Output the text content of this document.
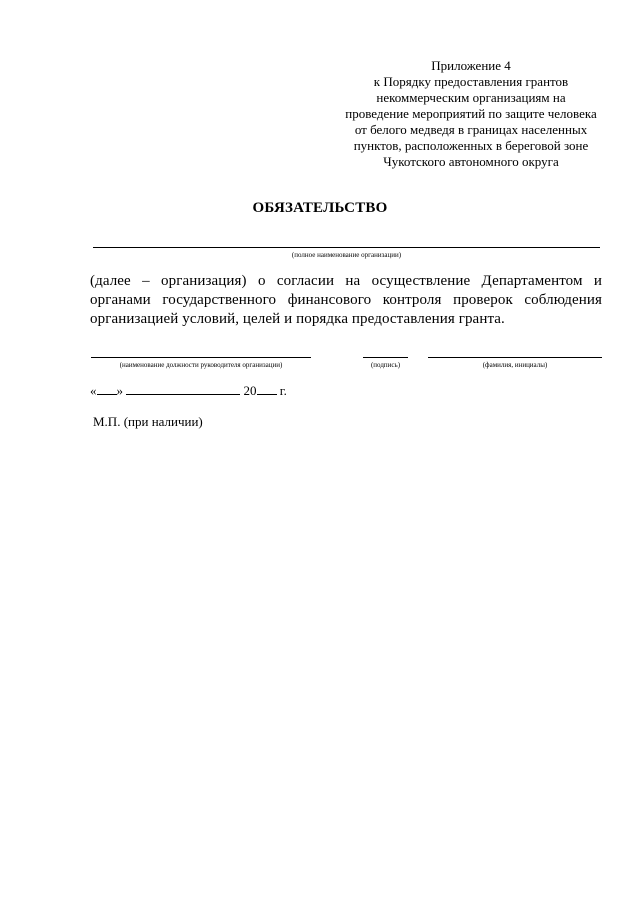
Приложение 4
к Порядку предоставления грантов
некоммерческим организациям на
проведение мероприятий по защите человека
от белого медведя в границах населенных
пунктов, расположенных в береговой зоне
Чукотского автономного округа
ОБЯЗАТЕЛЬСТВО
(полное наименование организации)
(далее – организация) о согласии на осуществление Департаментом и органами государственного финансового контроля проверок соблюдения организацией условий, целей и порядка предоставления гранта.
(наименование должности руководителя организации)	(подпись)	(фамилия, инициалы)
« »	20 г.
М.П. (при наличии)
